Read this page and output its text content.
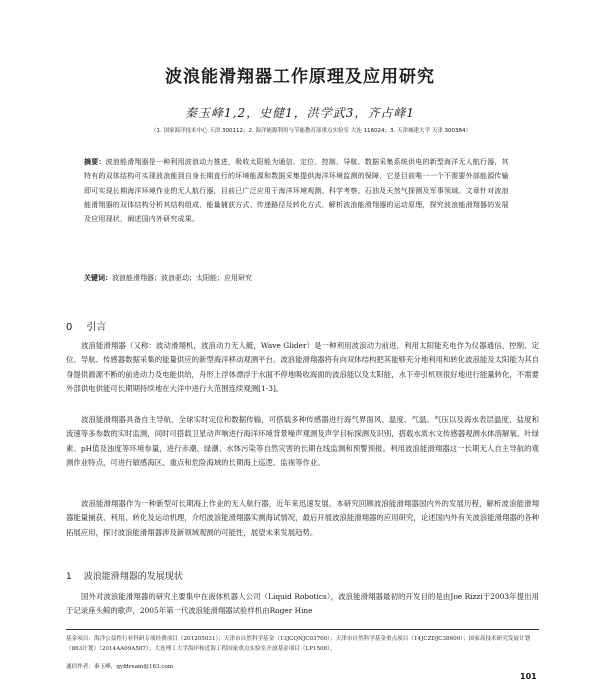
波浪能滑翔器工作原理及应用研究
秦玉峰1,2，史健1，洪学武3，齐占峰1
（1. 国家海洋技术中心 天津 300112；2. 海洋能源利用与节能教育部重点实验室 大连 116024；3. 天津城建大学 天津 300384）
摘要：波浪能滑翔器是一种利用波浪动力推进，吸收太阳能为通信、定位、控制、导航、数据采集系统供电的新型海洋无人航行器，其特有的双体结构可实现波浪能到自身长期直行的环境能源和数据采集提供海洋环境监测的保障，它是目前唯一一个不需要外部能源传输即可实现长期海洋环境作业的无人航行器，目前已广泛应用于海洋环境观测、科学考察、石油及天然气探测及军事领域。文章针对波浪能滑翔器的双体结构分析其结构组成、能量捕获方式、传递路径及转化方式，解析波浪能滑翔器的运动原理，探究波浪能滑翔器的发展及应用现状，阐述国内外研究成果。
关键词：波浪能滑翔器；波浪驱动；太阳能；应用研究
0 引言
波浪能滑翔器（又称：波动滑翔机，波浪动力无人艇，Wave Glider）是一种利用波浪动力前进，利用太阳能充电作为仪器通信、控制、定位、导航、传感器数据采集的能量供应的新型海洋移动观测平台。波浪能滑翔器将有向双体结构把其能够充分地利用和转化波浪能及太阳能为其自身提供源源不断的前进动力及电能供给，舟形上浮体漂浮于水面不停地吸收海面的波浪能以及太阳能，水下牵引机则很好地进行能量转化，不需要外部供电供能可长期期持续地在大洋中进行大范围连续观测[1-3]。
波浪能滑翔器具备自主导航、全球实时定位和数据传输，可搭载多种传感器进行海气界面风、温度、气温、气压以及海水表层温度、盐度和流速等多参数的实时监测，同时可搭载卫星动声响进行海洋环境背景噪声观测及声学目标探测及识别，搭载水质水文传感器观测水体溶解氧、叶绿素、pH值及浊度等环境参量，进行赤潮、绿潮、水体污染等自然灾害的长期在线监测和预警预报。利用波浪能滑翔器这一长期无人自主导航的观测作业特点，可进行敏感海区、重点和危险海域的长期海上巡逻、监视等作业。
波浪能滑翔器作为一种新型可长期海上作业的无人航行器，近年来迅速发展。本研究回顾波浪能滑翔器国内外的发展历程，解析波浪能滑翔器能量捕获、利用、转化及运动机理，介绍波浪能滑翔器实测海试情况，最后开展波浪能滑翔器的应用研究，论述国内外有关波浪能滑翔器的各种拓展应用，探讨波浪能滑翔器涉及新领域观测的可能性，展望未来发展趋势。
1 波浪能滑翔器的发展现状
国外对波浪能滑翔器的研究主要集中在液体机器人公司（Liquid Robotics），波浪能滑翔器最初的开发目的是由Joe Rizzi于2003年提出用于记录座头鲸的歌声，2005年第一代波浪能滑翔器试验样机由Roger Hine
基金项目：海洋公益性行业科研专项经费项目（201205031）；天津市自然科学基金（13JCQNJC03700）；天津市自然科学基金重点项目（14JCZDJC38600）；国家高技术研究发展计划（863计划）（2014AA09A507）；大连理工大学海岸和近海工程国家重点实验室开放基金项目（LP1508）。
通信作者：秦玉峰，qyfdream@163.com
101
